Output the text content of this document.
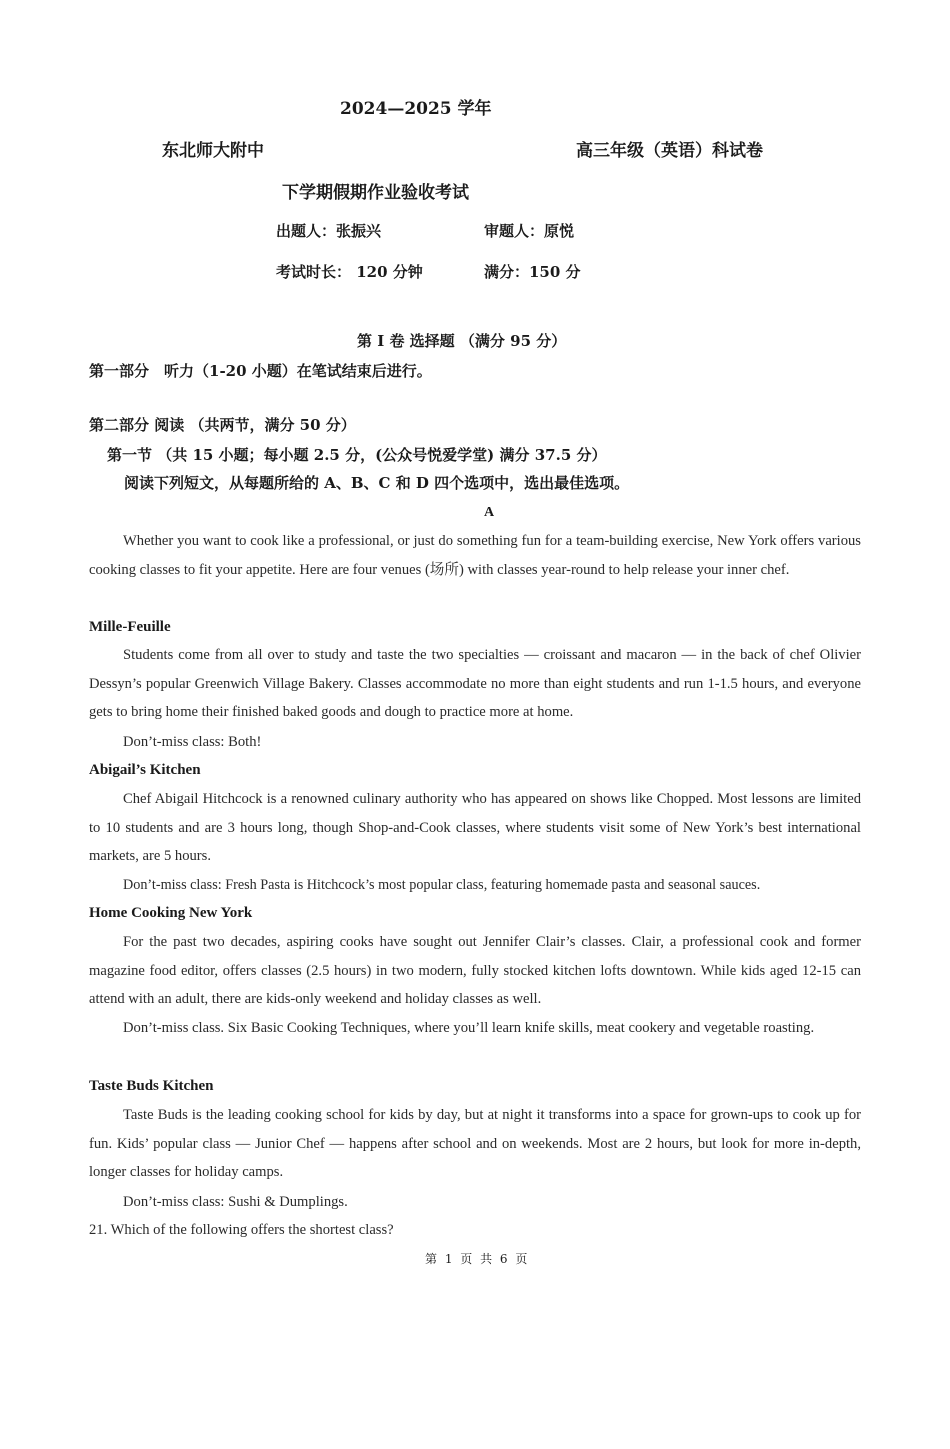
2024—2025 学年
东北师大附中	高三年级（英语）科试卷
下学期假期作业验收考试
出题人：张振兴	审题人：原悦
考试时长： 120 分钟	满分：150 分
第 I 卷 选择题 （满分 95 分）
第一部分　听力（1-20 小题）在笔试结束后进行。
第二部分 阅读 （共两节，满分 50 分）
第一节 （共 15 小题；每小题 2.5 分，(公众号悦爱学堂) 满分 37.5 分）
阅读下列短文，从每题所给的 A、B、C 和 D 四个选项中，选出最佳选项。
A
Whether you want to cook like a professional, or just do something fun for a team-building exercise, New York offers various cooking classes to fit your appetite. Here are four venues (场所) with classes year-round to help release your inner chef.
Mille-Feuille
Students come from all over to study and taste the two specialties — croissant and macaron — in the back of chef Olivier Dessyn’s popular Greenwich Village Bakery. Classes accommodate no more than eight students and run 1-1.5 hours, and everyone gets to bring home their finished baked goods and dough to practice more at home.
Don’t-miss class: Both!
Abigail’s Kitchen
Chef Abigail Hitchcock is a renowned culinary authority who has appeared on shows like Chopped. Most lessons are limited to 10 students and are 3 hours long, though Shop-and-Cook classes, where students visit some of New York’s best international markets, are 5 hours.
Don’t-miss class: Fresh Pasta is Hitchcock’s most popular class, featuring homemade pasta and seasonal sauces.
Home Cooking New York
For the past two decades, aspiring cooks have sought out Jennifer Clair’s classes. Clair, a professional cook and former magazine food editor, offers classes (2.5 hours) in two modern, fully stocked kitchen lofts downtown. While kids aged 12-15 can attend with an adult, there are kids-only weekend and holiday classes as well.
Don’t-miss class. Six Basic Cooking Techniques, where you’ll learn knife skills, meat cookery and vegetable roasting.
Taste Buds Kitchen
Taste Buds is the leading cooking school for kids by day, but at night it transforms into a space for grown-ups to cook up for fun. Kids’ popular class — Junior Chef — happens after school and on weekends. Most are 2 hours, but look for more in-depth, longer classes for holiday camps.
Don’t-miss class: Sushi & Dumplings.
21. Which of the following offers the shortest class?
第 1 页 共 6 页
